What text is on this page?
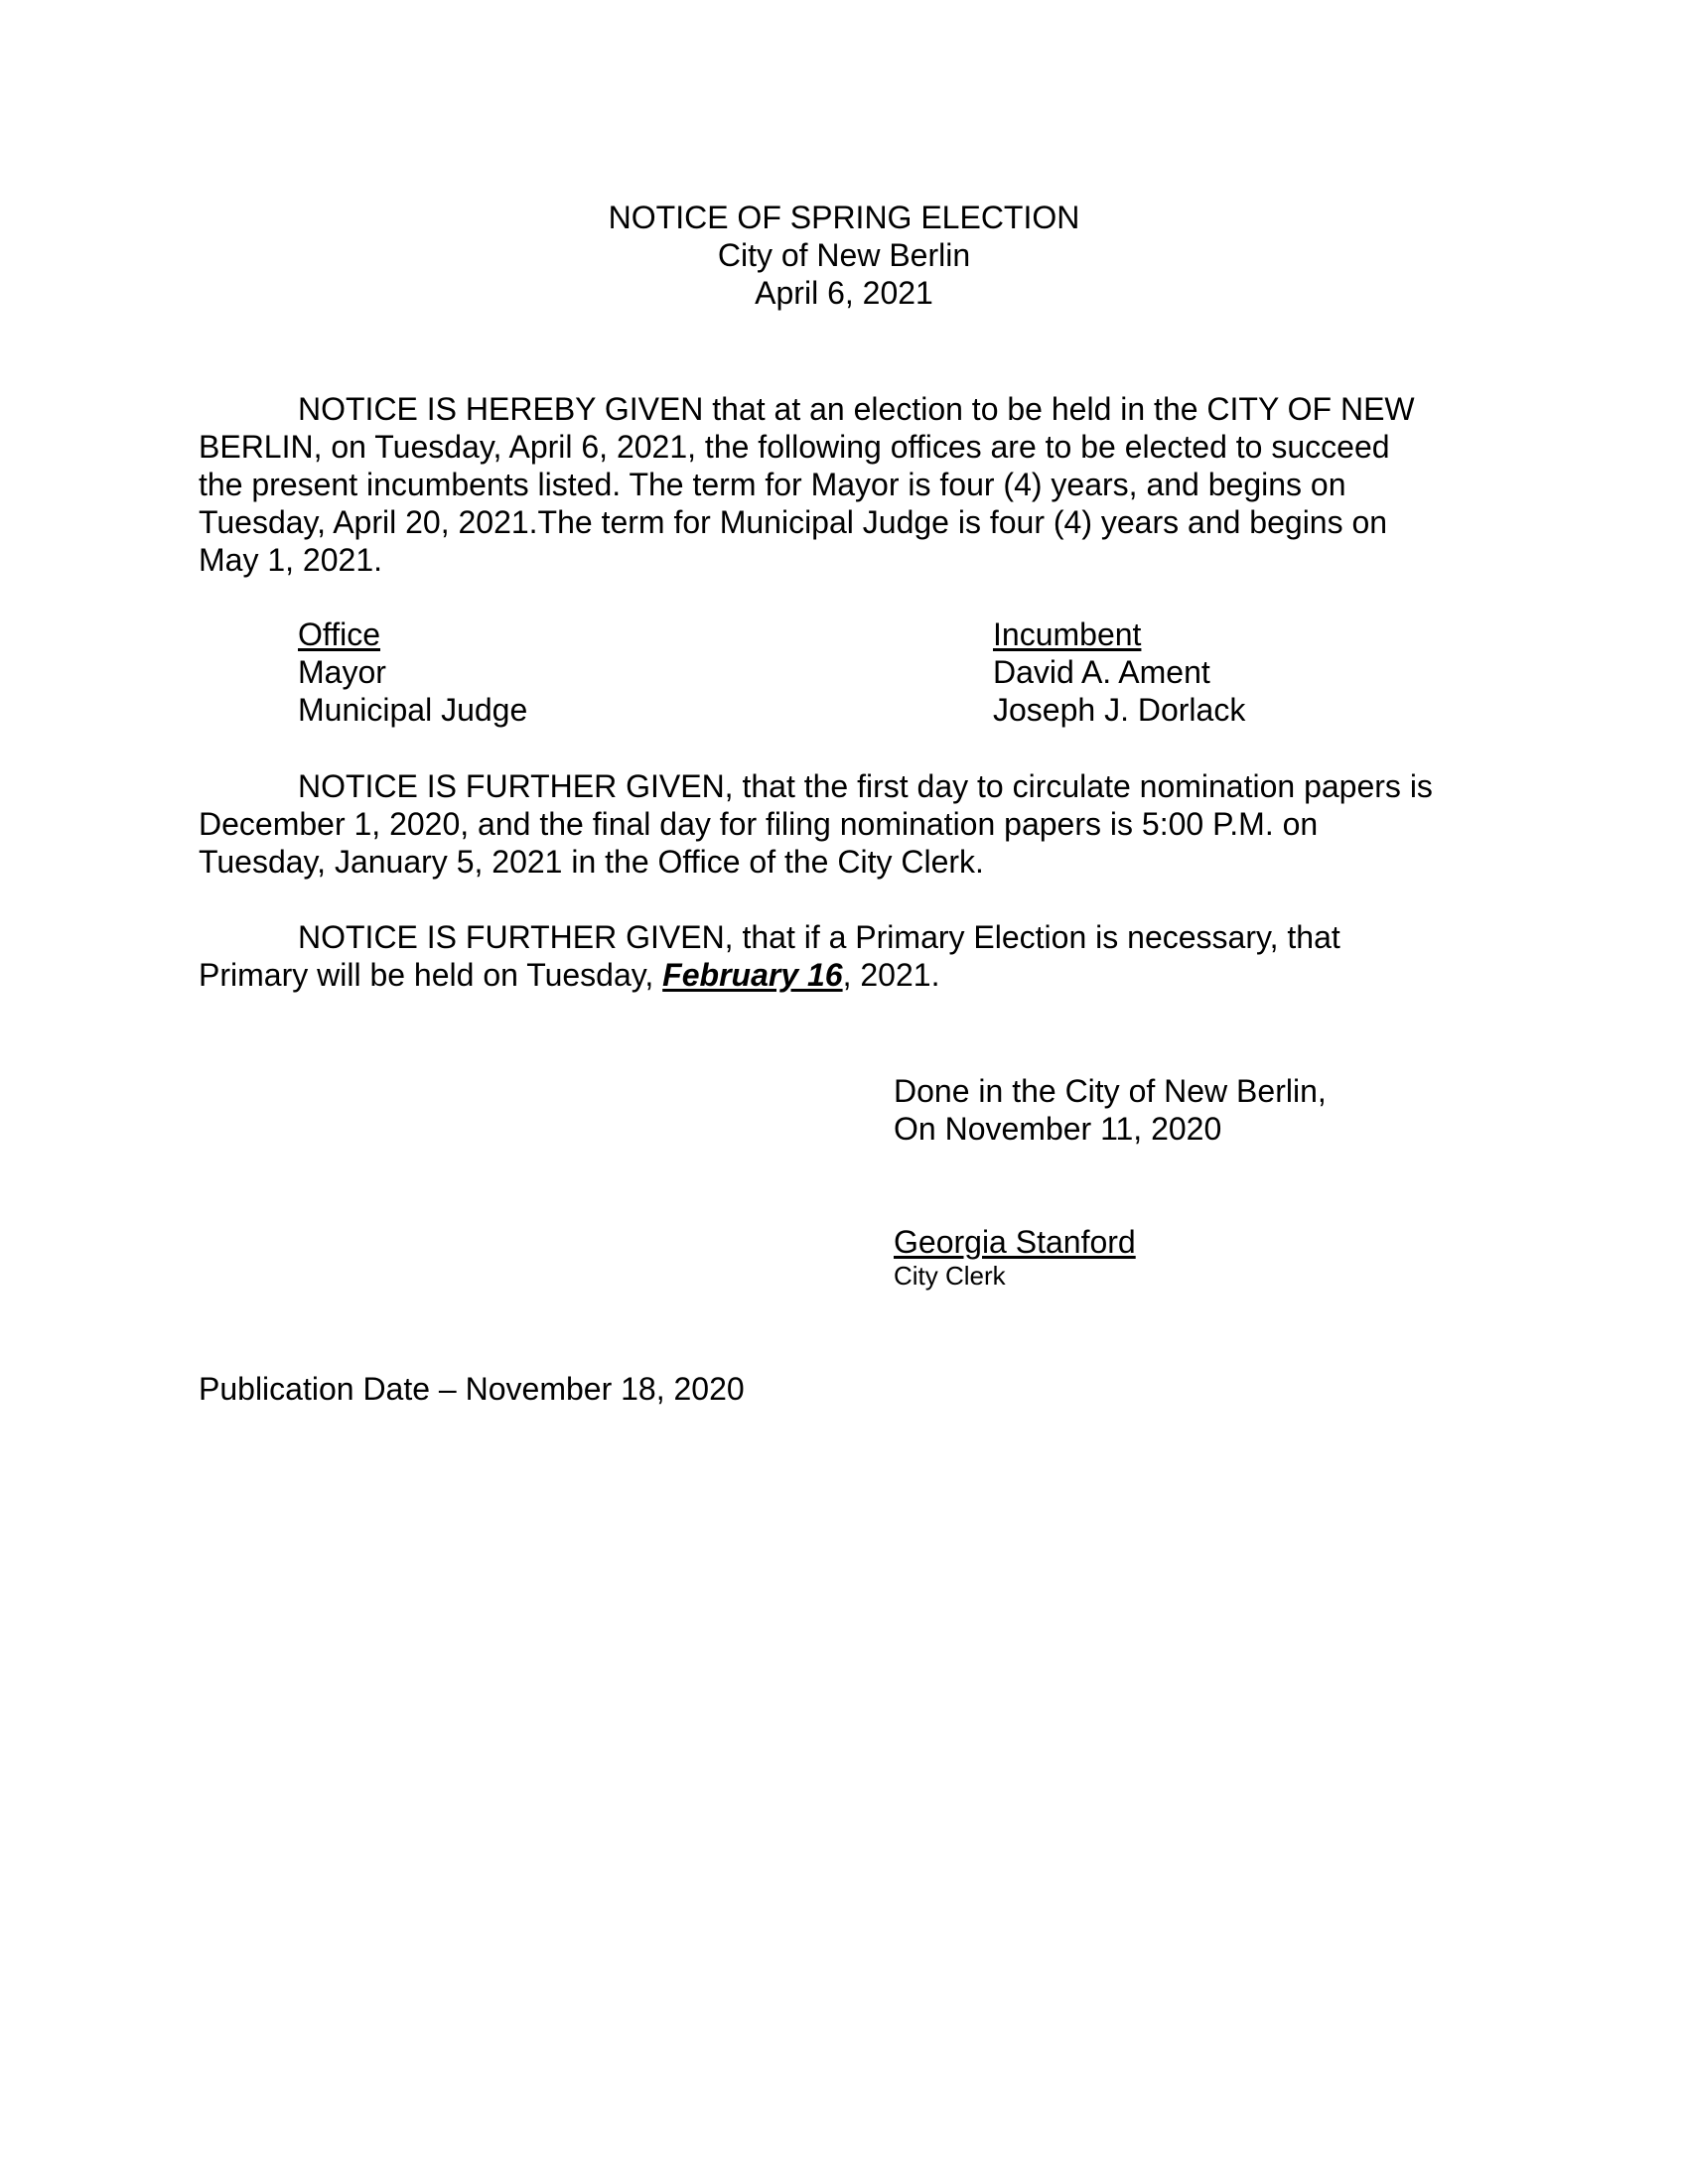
NOTICE OF SPRING ELECTION
City of New Berlin
April 6, 2021
NOTICE IS HEREBY GIVEN that at an election to be held in the CITY OF NEW
BERLIN, on Tuesday, April 6, 2021, the following offices are to be elected to succeed
the present incumbents listed. The term for Mayor is four (4) years, and begins on
Tuesday, April 20, 2021.The term for Municipal Judge is four (4) years and begins on
May 1, 2021.
Office
Mayor
Municipal Judge
Incumbent
David A. Ament
Joseph J. Dorlack
NOTICE IS FURTHER GIVEN, that the first day to circulate nomination papers is
December 1, 2020, and the final day for filing nomination papers is 5:00 P.M. on
Tuesday, January 5, 2021 in the Office of the City Clerk.
NOTICE IS FURTHER GIVEN, that if a Primary Election is necessary, that
Primary will be held on Tuesday, February 16, 2021.
Done in the City of New Berlin,
On November 11, 2020
Georgia Stanford
City Clerk
Publication Date – November 18, 2020
